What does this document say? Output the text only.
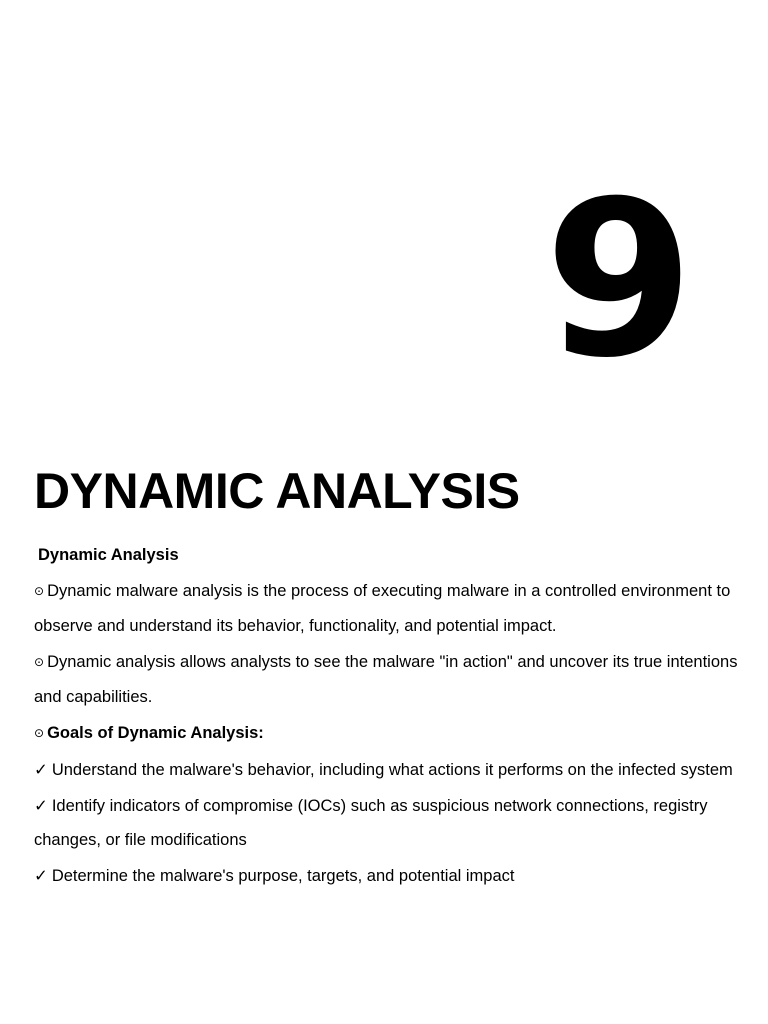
9
DYNAMIC ANALYSIS

Dynamic Analysis

⊙ Dynamic malware analysis is the process of executing malware in a controlled environment to observe and understand its behavior, functionality, and potential impact.

⊙ Dynamic analysis allows analysts to see the malware "in action" and uncover its true intentions and capabilities.

⊙ Goals of Dynamic Analysis:

✓ Understand the malware's behavior, including what actions it performs on the infected system

✓ Identify indicators of compromise (IOCs) such as suspicious network connections, registry changes, or file modifications

✓ Determine the malware's purpose, targets, and potential impact
